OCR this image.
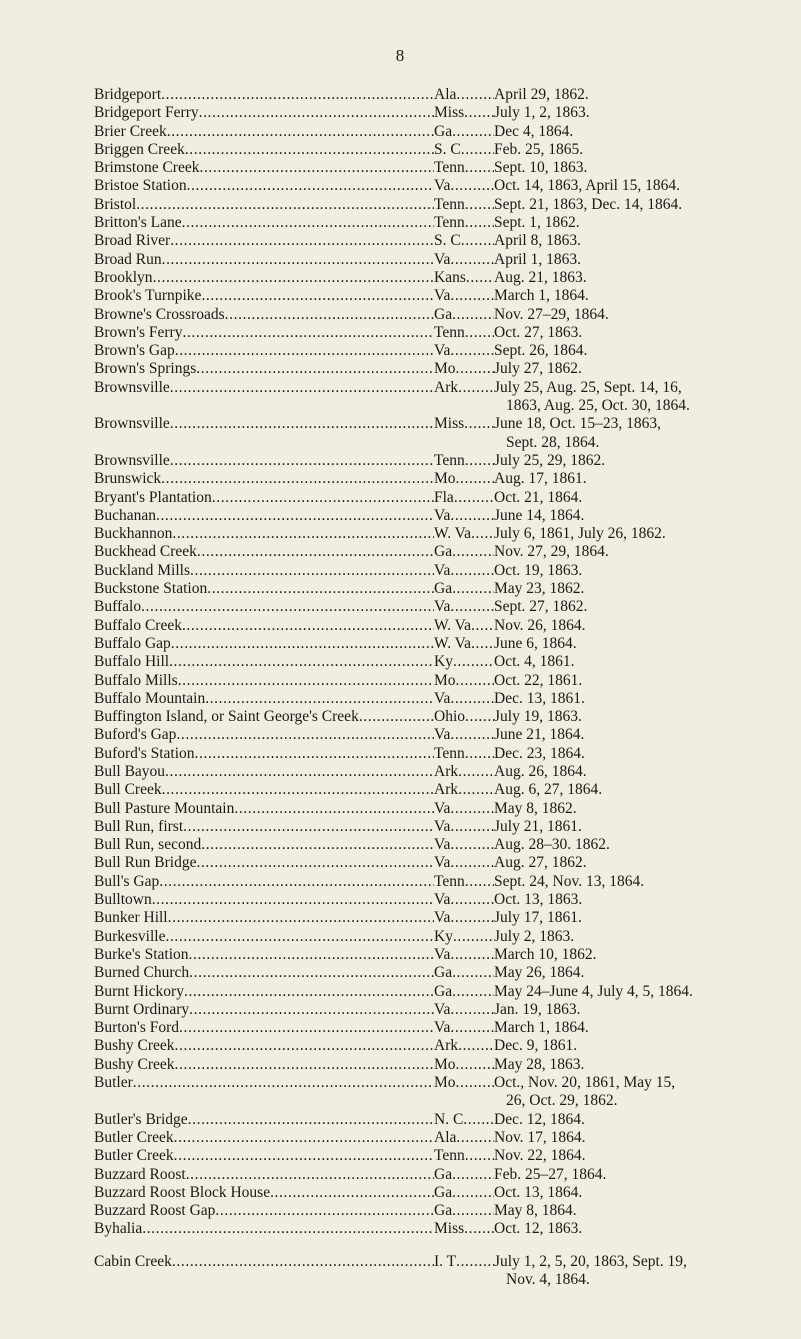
8
Bridgeport .....	Ala .....	April 29, 1862.
Bridgeport Ferry .....	Miss .....	July 1, 2, 1863.
Brier Creek .....	Ga .....	Dec 4, 1864.
Briggen Creek .....	S. C .....	Feb. 25, 1865.
Brimstone Creek .....	Tenn .....	Sept. 10, 1863.
Bristoe Station .....	Va .....	Oct. 14, 1863, April 15, 1864.
Bristol .....	Tenn .....	Sept. 21, 1863, Dec. 14, 1864.
Britton's Lane .....	Tenn .....	Sept. 1, 1862.
Broad River .....	S. C .....	April 8, 1863.
Broad Run .....	Va .....	April 1, 1863.
Brooklyn .....	Kans .....	Aug. 21, 1863.
Brook's Turnpike .....	Va .....	March 1, 1864.
Browne's Crossroads .....	Ga .....	Nov. 27–29, 1864.
Brown's Ferry .....	Tenn .....	Oct. 27, 1863.
Brown's Gap .....	Va .....	Sept. 26, 1864.
Brown's Springs .....	Mo .....	July 27, 1862.
Brownsville .....	Ark .....	July 25, Aug. 25, Sept. 14, 16,
1863, Aug. 25, Oct. 30, 1864.
Brownsville .....	Miss .....	June 18, Oct. 15–23, 1863,
Sept. 28, 1864.
Brownsville .....	Tenn .....	July 25, 29, 1862.
Brunswick .....	Mo .....	Aug. 17, 1861.
Bryant's Plantation .....	Fla .....	Oct. 21, 1864.
Buchanan .....	Va .....	June 14, 1864.
Buckhannon .....	W. Va .....	July 6, 1861, July 26, 1862.
Buckhead Creek .....	Ga .....	Nov. 27, 29, 1864.
Buckland Mills .....	Va .....	Oct. 19, 1863.
Buckstone Station .....	Ga .....	May 23, 1862.
Buffalo .....	Va .....	Sept. 27, 1862.
Buffalo Creek .....	W. Va .....	Nov. 26, 1864.
Buffalo Gap .....	W. Va .....	June 6, 1864.
Buffalo Hill .....	Ky .....	Oct. 4, 1861.
Buffalo Mills .....	Mo .....	Oct. 22, 1861.
Buffalo Mountain .....	Va .....	Dec. 13, 1861.
Buffington Island, or Saint George's Creek .....	Ohio .....	July 19, 1863.
Buford's Gap .....	Va .....	June 21, 1864.
Buford's Station .....	Tenn .....	Dec. 23, 1864.
Bull Bayou .....	Ark .....	Aug. 26, 1864.
Bull Creek .....	Ark .....	Aug. 6, 27, 1864.
Bull Pasture Mountain .....	Va .....	May 8, 1862.
Bull Run, first .....	Va .....	July 21, 1861.
Bull Run, second .....	Va .....	Aug. 28–30. 1862.
Bull Run Bridge .....	Va .....	Aug. 27, 1862.
Bull's Gap .....	Tenn .....	Sept. 24, Nov. 13, 1864.
Bulltown .....	Va .....	Oct. 13, 1863.
Bunker Hill .....	Va .....	July 17, 1861.
Burkesville .....	Ky .....	July 2, 1863.
Burke's Station .....	Va .....	March 10, 1862.
Burned Church .....	Ga .....	May 26, 1864.
Burnt Hickory .....	Ga .....	May 24–June 4, July 4, 5, 1864.
Burnt Ordinary .....	Va .....	Jan. 19, 1863.
Burton's Ford .....	Va .....	March 1, 1864.
Bushy Creek .....	Ark .....	Dec. 9, 1861.
Bushy Creek .....	Mo .....	May 28, 1863.
Butler .....	Mo .....	Oct., Nov. 20, 1861, May 15,
26, Oct. 29, 1862.
Butler's Bridge .....	N. C .....	Dec. 12, 1864.
Butler Creek .....	Ala .....	Nov. 17, 1864.
Butler Creek .....	Tenn .....	Nov. 22, 1864.
Buzzard Roost .....	Ga .....	Feb. 25–27, 1864.
Buzzard Roost Block House .....	Ga .....	Oct. 13, 1864.
Buzzard Roost Gap .....	Ga .....	May 8, 1864.
Byhalia .....	Miss .....	Oct. 12, 1863.
Cabin Creek .....	I. T .....	July 1, 2, 5, 20, 1863, Sept. 19,
Nov. 4, 1864.
